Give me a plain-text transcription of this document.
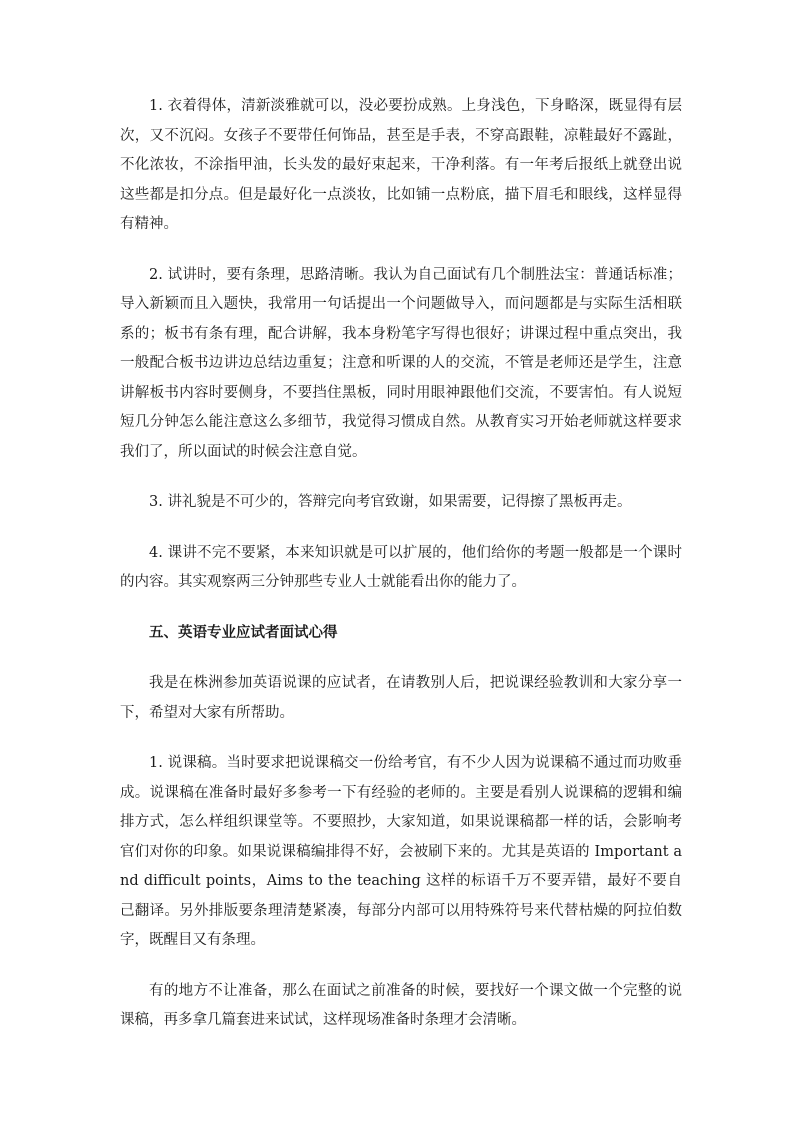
1. 衣着得体，清新淡雅就可以，没必要扮成熟。上身浅色，下身略深，既显得有层次，又不沉闷。女孩子不要带任何饰品，甚至是手表，不穿高跟鞋，凉鞋最好不露趾，不化浓妆，不涂指甲油，长头发的最好束起来，干净利落。有一年考后报纸上就登出说这些都是扣分点。但是最好化一点淡妆，比如铺一点粉底，描下眉毛和眼线，这样显得有精神。

2. 试讲时，要有条理，思路清晰。我认为自己面试有几个制胜法宝：普通话标准；导入新颖而且入题快，我常用一句话提出一个问题做导入，而问题都是与实际生活相联系的；板书有条有理，配合讲解，我本身粉笔字写得也很好；讲课过程中重点突出，我一般配合板书边讲边总结边重复；注意和听课的人的交流，不管是老师还是学生，注意讲解板书内容时要侧身，不要挡住黑板，同时用眼神跟他们交流，不要害怕。有人说短短几分钟怎么能注意这么多细节，我觉得习惯成自然。从教育实习开始老师就这样要求我们了，所以面试的时候会注意自觉。

3. 讲礼貌是不可少的，答辩完向考官致谢，如果需要，记得擦了黑板再走。

4. 课讲不完不要紧，本来知识就是可以扩展的，他们给你的考题一般都是一个课时的内容。其实观察两三分钟那些专业人士就能看出你的能力了。

五、英语专业应试者面试心得

我是在株洲参加英语说课的应试者，在请教别人后，把说课经验教训和大家分享一下，希望对大家有所帮助。

1. 说课稿。当时要求把说课稿交一份给考官，有不少人因为说课稿不通过而功败垂成。说课稿在准备时最好多参考一下有经验的老师的。主要是看别人说课稿的逻辑和编排方式，怎么样组织课堂等。不要照抄，大家知道，如果说课稿都一样的话，会影响考官们对你的印象。如果说课稿编排得不好，会被刷下来的。尤其是英语的 Important and difficult points，Aims to the teaching 这样的标语千万不要弄错，最好不要自己翻译。另外排版要条理清楚紧凑，每部分内部可以用特殊符号来代替枯燥的阿拉伯数字，既醒目又有条理。

有的地方不让准备，那么在面试之前准备的时候，要找好一个课文做一个完整的说课稿，再多拿几篇套进来试试，这样现场准备时条理才会清晰。
